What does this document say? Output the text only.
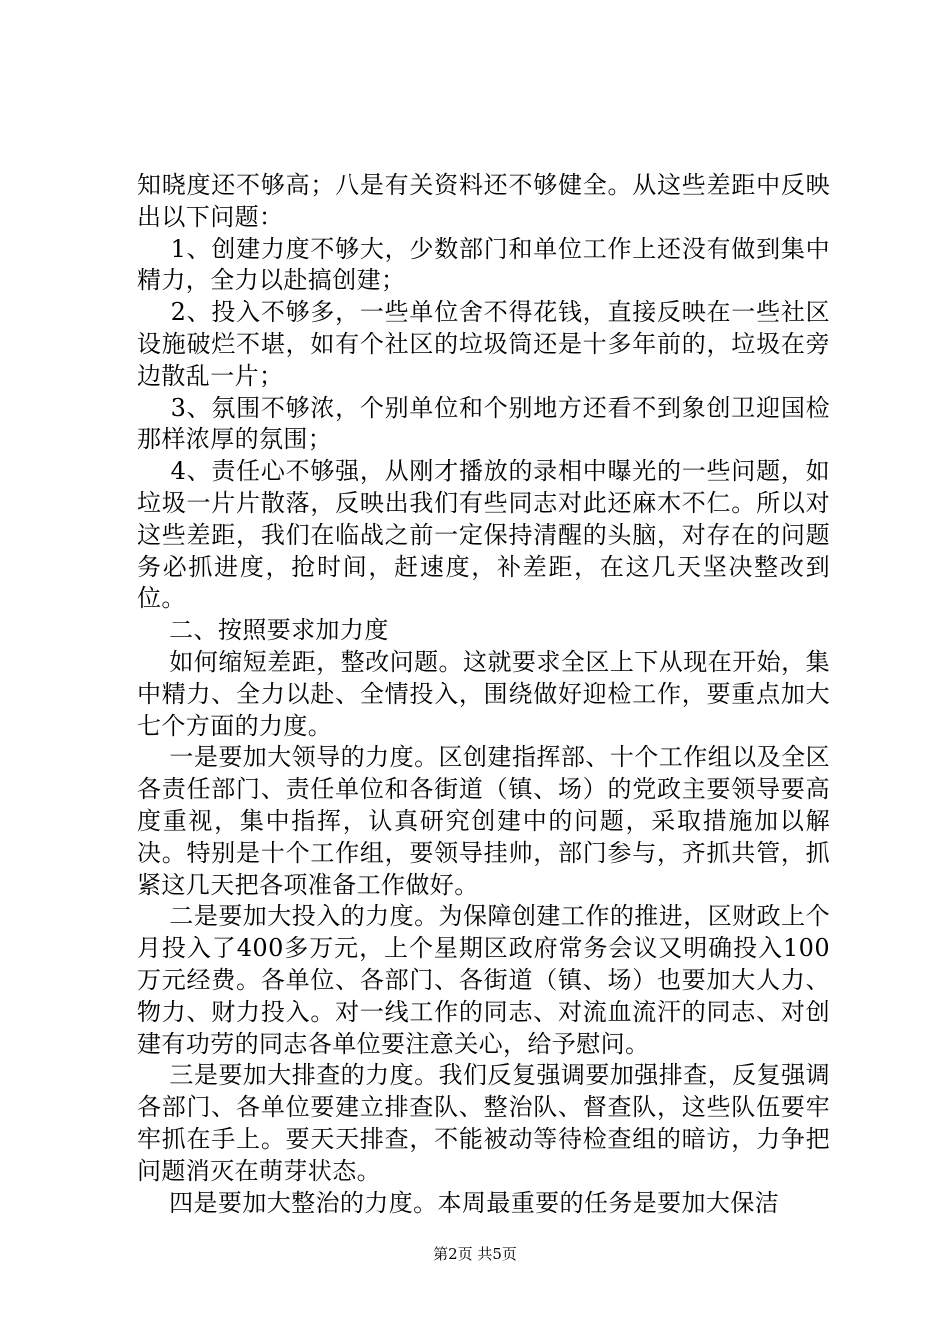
知晓度还不够高；八是有关资料还不够健全。从这些差距中反映出以下问题：

1、创建力度不够大，少数部门和单位工作上还没有做到集中精力，全力以赴搞创建；

2、投入不够多，一些单位舍不得花钱，直接反映在一些社区设施破烂不堪，如有个社区的垃圾筒还是十多年前的，垃圾在旁边散乱一片；

3、氛围不够浓，个别单位和个别地方还看不到象创卫迎国检那样浓厚的氛围；

4、责任心不够强，从刚才播放的录相中曝光的一些问题，如垃圾一片片散落，反映出我们有些同志对此还麻木不仁。所以对这些差距，我们在临战之前一定保持清醒的头脑，对存在的问题务必抓进度，抢时间，赶速度，补差距，在这几天坚决整改到位。

二、按照要求加力度

如何缩短差距，整改问题。这就要求全区上下从现在开始，集中精力、全力以赴、全情投入，围绕做好迎检工作，要重点加大七个方面的力度。

一是要加大领导的力度。区创建指挥部、十个工作组以及全区各责任部门、责任单位和各街道（镇、场）的党政主要领导要高度重视，集中指挥，认真研究创建中的问题，采取措施加以解决。特别是十个工作组，要领导挂帅，部门参与，齐抓共管，抓紧这几天把各项准备工作做好。

二是要加大投入的力度。为保障创建工作的推进，区财政上个月投入了400多万元，上个星期区政府常务会议又明确投入100万元经费。各单位、各部门、各街道（镇、场）也要加大人力、物力、财力投入。对一线工作的同志、对流血流汗的同志、对创建有功劳的同志各单位要注意关心，给予慰问。

三是要加大排查的力度。我们反复强调要加强排查，反复强调各部门、各单位要建立排查队、整治队、督查队，这些队伍要牢牢抓在手上。要天天排查，不能被动等待检查组的暗访，力争把问题消灭在萌芽状态。

四是要加大整治的力度。本周最重要的任务是要加大保洁

第2页 共5页
